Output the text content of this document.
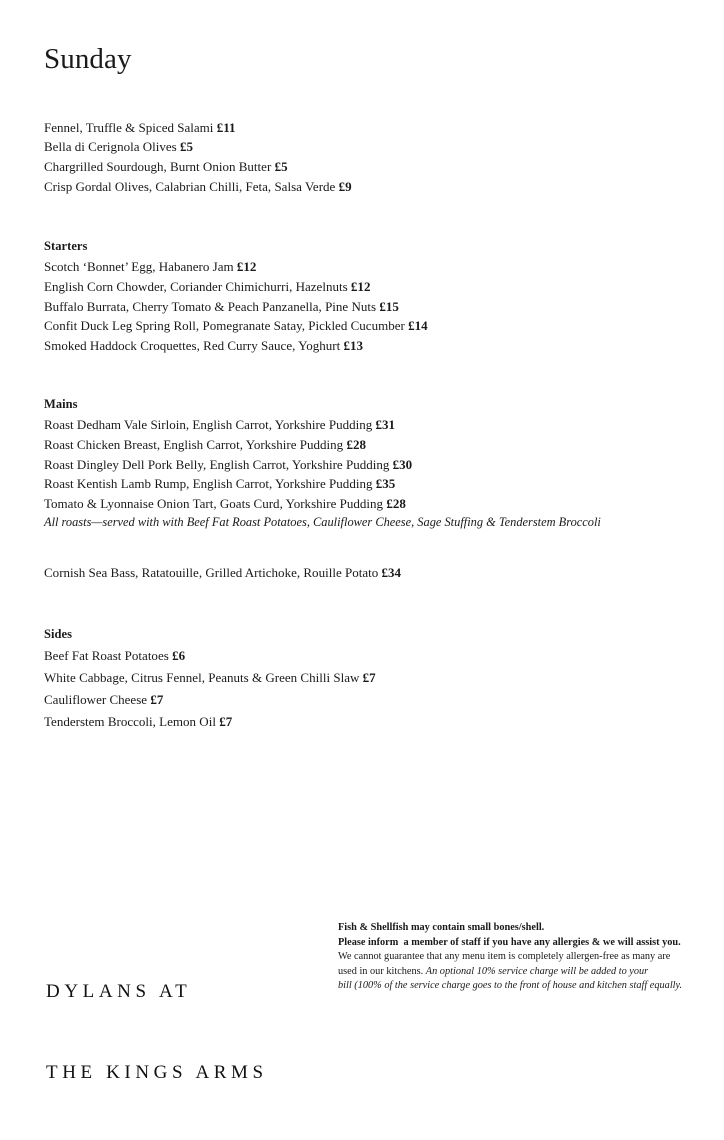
Sunday

Fennel, Truffle & Spiced Salami £11

Bella di Cerignola Olives £5

Chargrilled Sourdough, Burnt Onion Butter £5

Crisp Gordal Olives, Calabrian Chilli, Feta, Salsa Verde £9

Starters

Scotch ‘Bonnet’ Egg, Habanero Jam £12

English Corn Chowder, Coriander Chimichurri, Hazelnuts £12

Buffalo Burrata, Cherry Tomato & Peach Panzanella, Pine Nuts £15

Confit Duck Leg Spring Roll, Pomegranate Satay, Pickled Cucumber £14

Smoked Haddock Croquettes, Red Curry Sauce, Yoghurt £13

Mains

Roast Dedham Vale Sirloin, English Carrot, Yorkshire Pudding £31

Roast Chicken Breast, English Carrot, Yorkshire Pudding £28

Roast Dingley Dell Pork Belly, English Carrot, Yorkshire Pudding £30

Roast Kentish Lamb Rump, English Carrot, Yorkshire Pudding £35

Tomato & Lyonnaise Onion Tart, Goats Curd, Yorkshire Pudding £28

All roasts—served with with Beef Fat Roast Potatoes, Cauliflower Cheese, Sage Stuffing & Tenderstem Broccoli

Cornish Sea Bass, Ratatouille, Grilled Artichoke, Rouille Potato £34

Sides

Beef Fat Roast Potatoes £6

White Cabbage, Citrus Fennel, Peanuts & Green Chilli Slaw £7

Cauliflower Cheese £7

Tenderstem Broccoli, Lemon Oil £7

DYLANS AT

THE KINGS ARMS

Fish & Shellfish may contain small bones/shell.

Please inform  a member of staff if you have any allergies & we will assist you.

We cannot guarantee that any menu item is completely allergen-free as many are

used in our kitchens. An optional 10% service charge will be added to your

bill (100% of the service charge goes to the front of house and kitchen staff equally.
